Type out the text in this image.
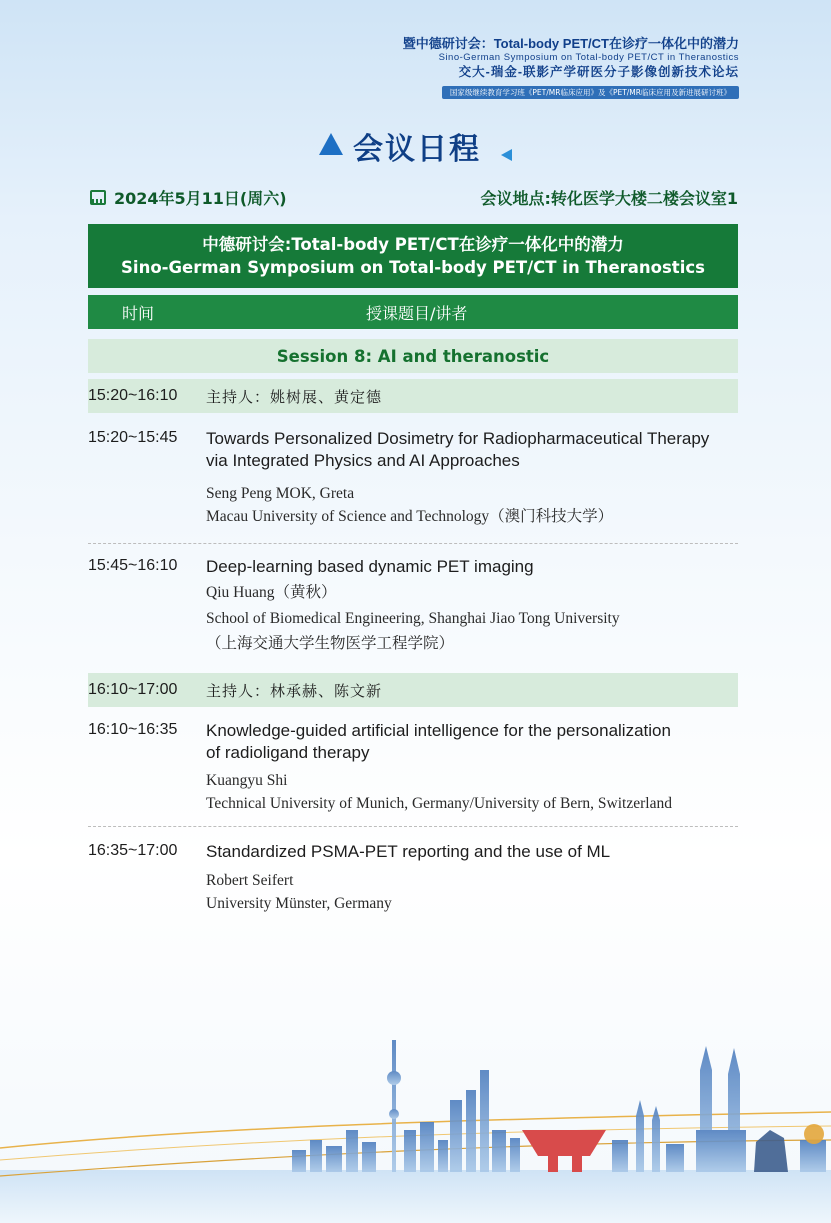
暨中德研讨会：Total-body PET/CT在诊疗一体化中的潜力
Sino-German Symposium on Total-body PET/CT in Theranostics
交大-瑞金-联影产学研医分子影像创新技术论坛
国家级继续教育学习班《PET/MR临床应用》及《PET/MR临床应用及新进展研讨班》
会议日程
2024年5月11日(周六)	会议地点:转化医学大楼二楼会议室1
中德研讨会:Total-body PET/CT在诊疗一体化中的潜力
Sino-German Symposium on Total-body PET/CT in Theranostics
时间	授课题目/讲者
Session 8: AI and theranostic
15:20~16:10	主持人：姚树展、黄定德
15:20~15:45 Towards Personalized Dosimetry for Radiopharmaceutical Therapy
via Integrated Physics and AI Approaches
Seng Peng MOK, Greta
Macau University of Science and Technology（澳门科技大学）
15:45~16:10 Deep-learning based dynamic PET imaging
Qiu Huang（黄秋）
School of Biomedical Engineering, Shanghai Jiao Tong University
（上海交通大学生物医学工程学院）
16:10~17:00	主持人：林承赫、陈文新
16:10~16:35 Knowledge-guided artificial intelligence for the personalization
of radioligand therapy
Kuangyu Shi
Technical University of Munich, Germany/University of Bern, Switzerland
16:35~17:00 Standardized PSMA-PET reporting and the use of ML
Robert Seifert
University Münster, Germany
